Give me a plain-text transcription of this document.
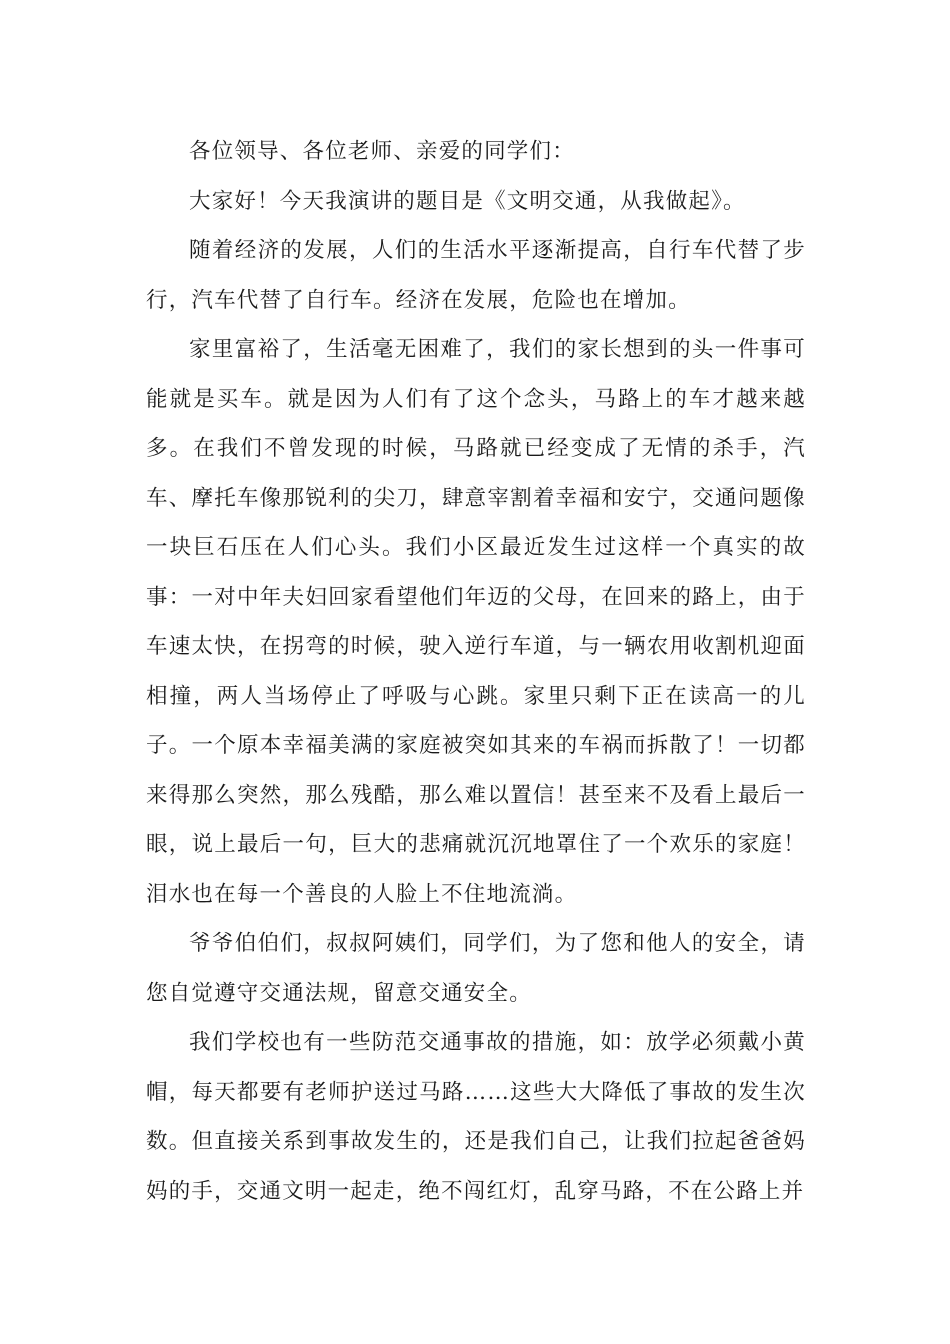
各位领导、各位老师、亲爱的同学们：

大家好！今天我演讲的题目是《文明交通，从我做起》。

随着经济的发展，人们的生活水平逐渐提高，自行车代替了步行，汽车代替了自行车。经济在发展，危险也在增加。

家里富裕了，生活毫无困难了，我们的家长想到的头一件事可能就是买车。就是因为人们有了这个念头，马路上的车才越来越多。在我们不曾发现的时候，马路就已经变成了无情的杀手，汽车、摩托车像那锐利的尖刀，肆意宰割着幸福和安宁，交通问题像一块巨石压在人们心头。我们小区最近发生过这样一个真实的故事：一对中年夫妇回家看望他们年迈的父母，在回来的路上，由于车速太快，在拐弯的时候，驶入逆行车道，与一辆农用收割机迎面相撞，两人当场停止了呼吸与心跳。家里只剩下正在读高一的儿子。一个原本幸福美满的家庭被突如其来的车祸而拆散了！一切都来得那么突然，那么残酷，那么难以置信！甚至来不及看上最后一眼，说上最后一句，巨大的悲痛就沉沉地罩住了一个欢乐的家庭！泪水也在每一个善良的人脸上不住地流淌。

爷爷伯伯们，叔叔阿姨们，同学们，为了您和他人的安全，请您自觉遵守交通法规，留意交通安全。

我们学校也有一些防范交通事故的措施，如：放学必须戴小黄帽，每天都要有老师护送过马路……这些大大降低了事故的发生次数。但直接关系到事故发生的，还是我们自己，让我们拉起爸爸妈妈的手，交通文明一起走，绝不闯红灯，乱穿马路，不在公路上并
